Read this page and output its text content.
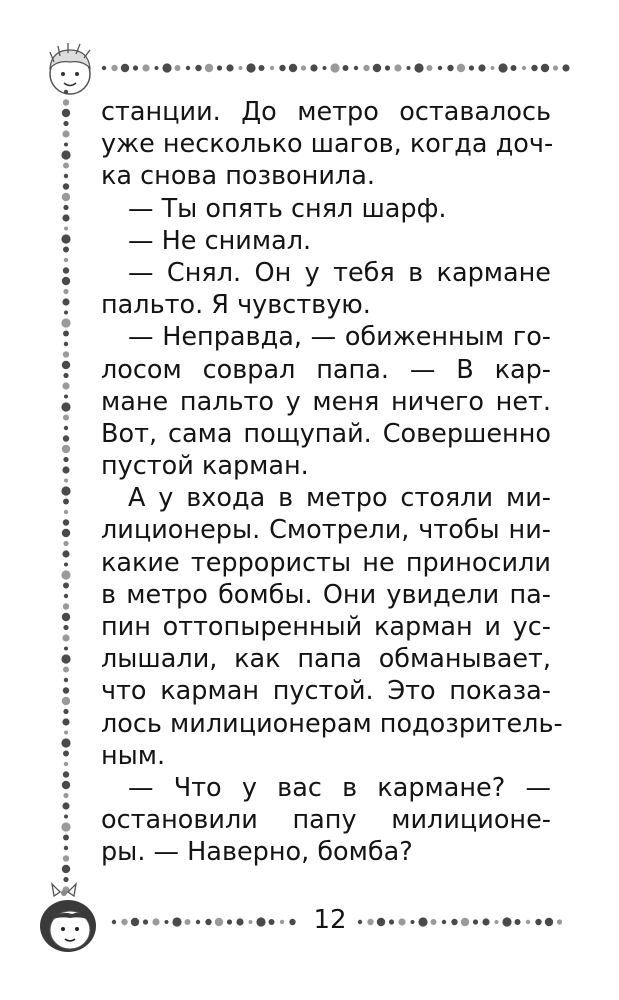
станции. До метро оставалось
уже несколько шагов, когда доч-
ка снова позвонила.

— Ты опять снял шарф.

— Не снимал.

— Снял. Он у тебя в кармане
пальто. Я чувствую.

— Неправда, — обиженным го-
лосом соврал папа. — В кар-
мане пальто у меня ничего нет.
Вот, сама пощупай. Совершенно
пустой карман.

А у входа в метро стояли ми-
лиционеры. Смотрели, чтобы ни-
какие террористы не приносили
в метро бомбы. Они увидели па-
пин оттопыренный карман и ус-
лышали, как папа обманывает,
что карман пустой. Это показа-
лось милиционерам подозритель-
ным.

— Что у вас в кармане? —
остановили папу милиционе-
ры. — Наверно, бомба?

12
